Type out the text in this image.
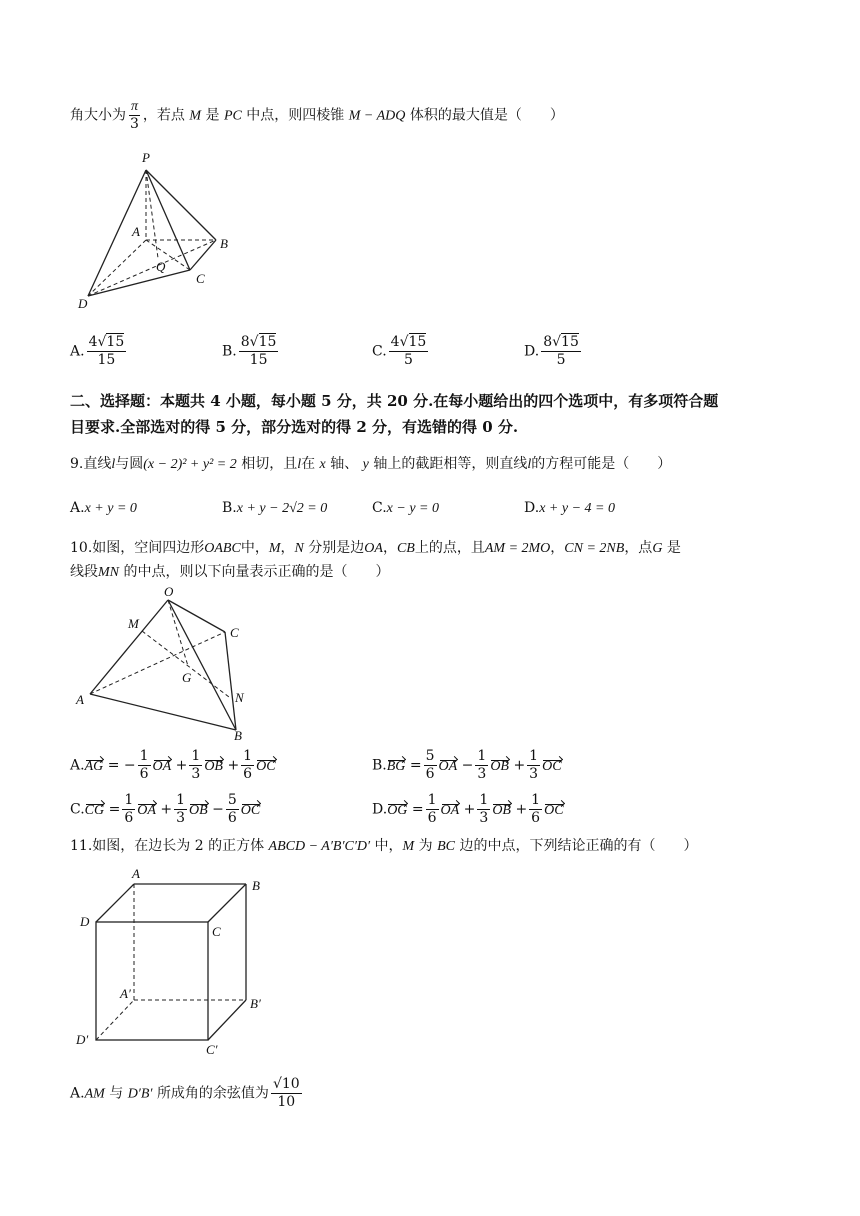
角大小为 $\frac{\pi}{3}$ ，若点 M 是 PC 中点，则四棱锥 M − ADQ 体积的最大值是（　　）
P
A
B
Q
C
D
A. $\frac{4√15}{15}$	B. $\frac{8√15}{15}$	C. $\frac{4√15}{5}$	D. $\frac{8√15}{5}$
二、选择题：本题共 4 小题，每小题 5 分，共 20 分.在每小题给出的四个选项中，有多项符合题
目要求.全部选对的得 5 分，部分选对的得 2 分，有选错的得 0 分.
9.直线l与圆(x − 2)² + y² = 2 相切，且l在 x 轴、 y 轴上的截距相等，则直线l的方程可能是（　　）
A.x + y = 0	B.x + y − 2√2 = 0	C.x − y = 0	D.x + y − 4 = 0
10.如图，空间四边形OABC中，M，N 分别是边OA，CB上的点，且AM = 2MO，CN = 2NB，点G 是
线段MN 的中点，则以下向量表示正确的是（　　）
O
M
C
G
A	N
B
A.AG = − $\frac{1}{6}$ OA + $\frac{1}{3}$ OB + $\frac{1}{6}$ OC	$B.BG = \frac{5}{6}$ OA − $\frac{1}{3}$ OB + $\frac{1}{3}$ OC
$C.CG = \frac{1}{6}$ OA + $\frac{1}{3}$ OB − $\frac{5}{6}$ OC	$D.OG = \frac{1}{6}$ OA + $\frac{1}{3}$ OB + $\frac{1}{6}$ OC
11.如图，在边长为 2 的正方体 ABCD − A′B′C′D′ 中，M 为 BC 边的中点，下列结论正确的有（　　）
A
B
D
C
A′
B′
D′
C′
A.AM 与 D′B′ 所成角的余弦值为 $\frac{√10}{10}$
